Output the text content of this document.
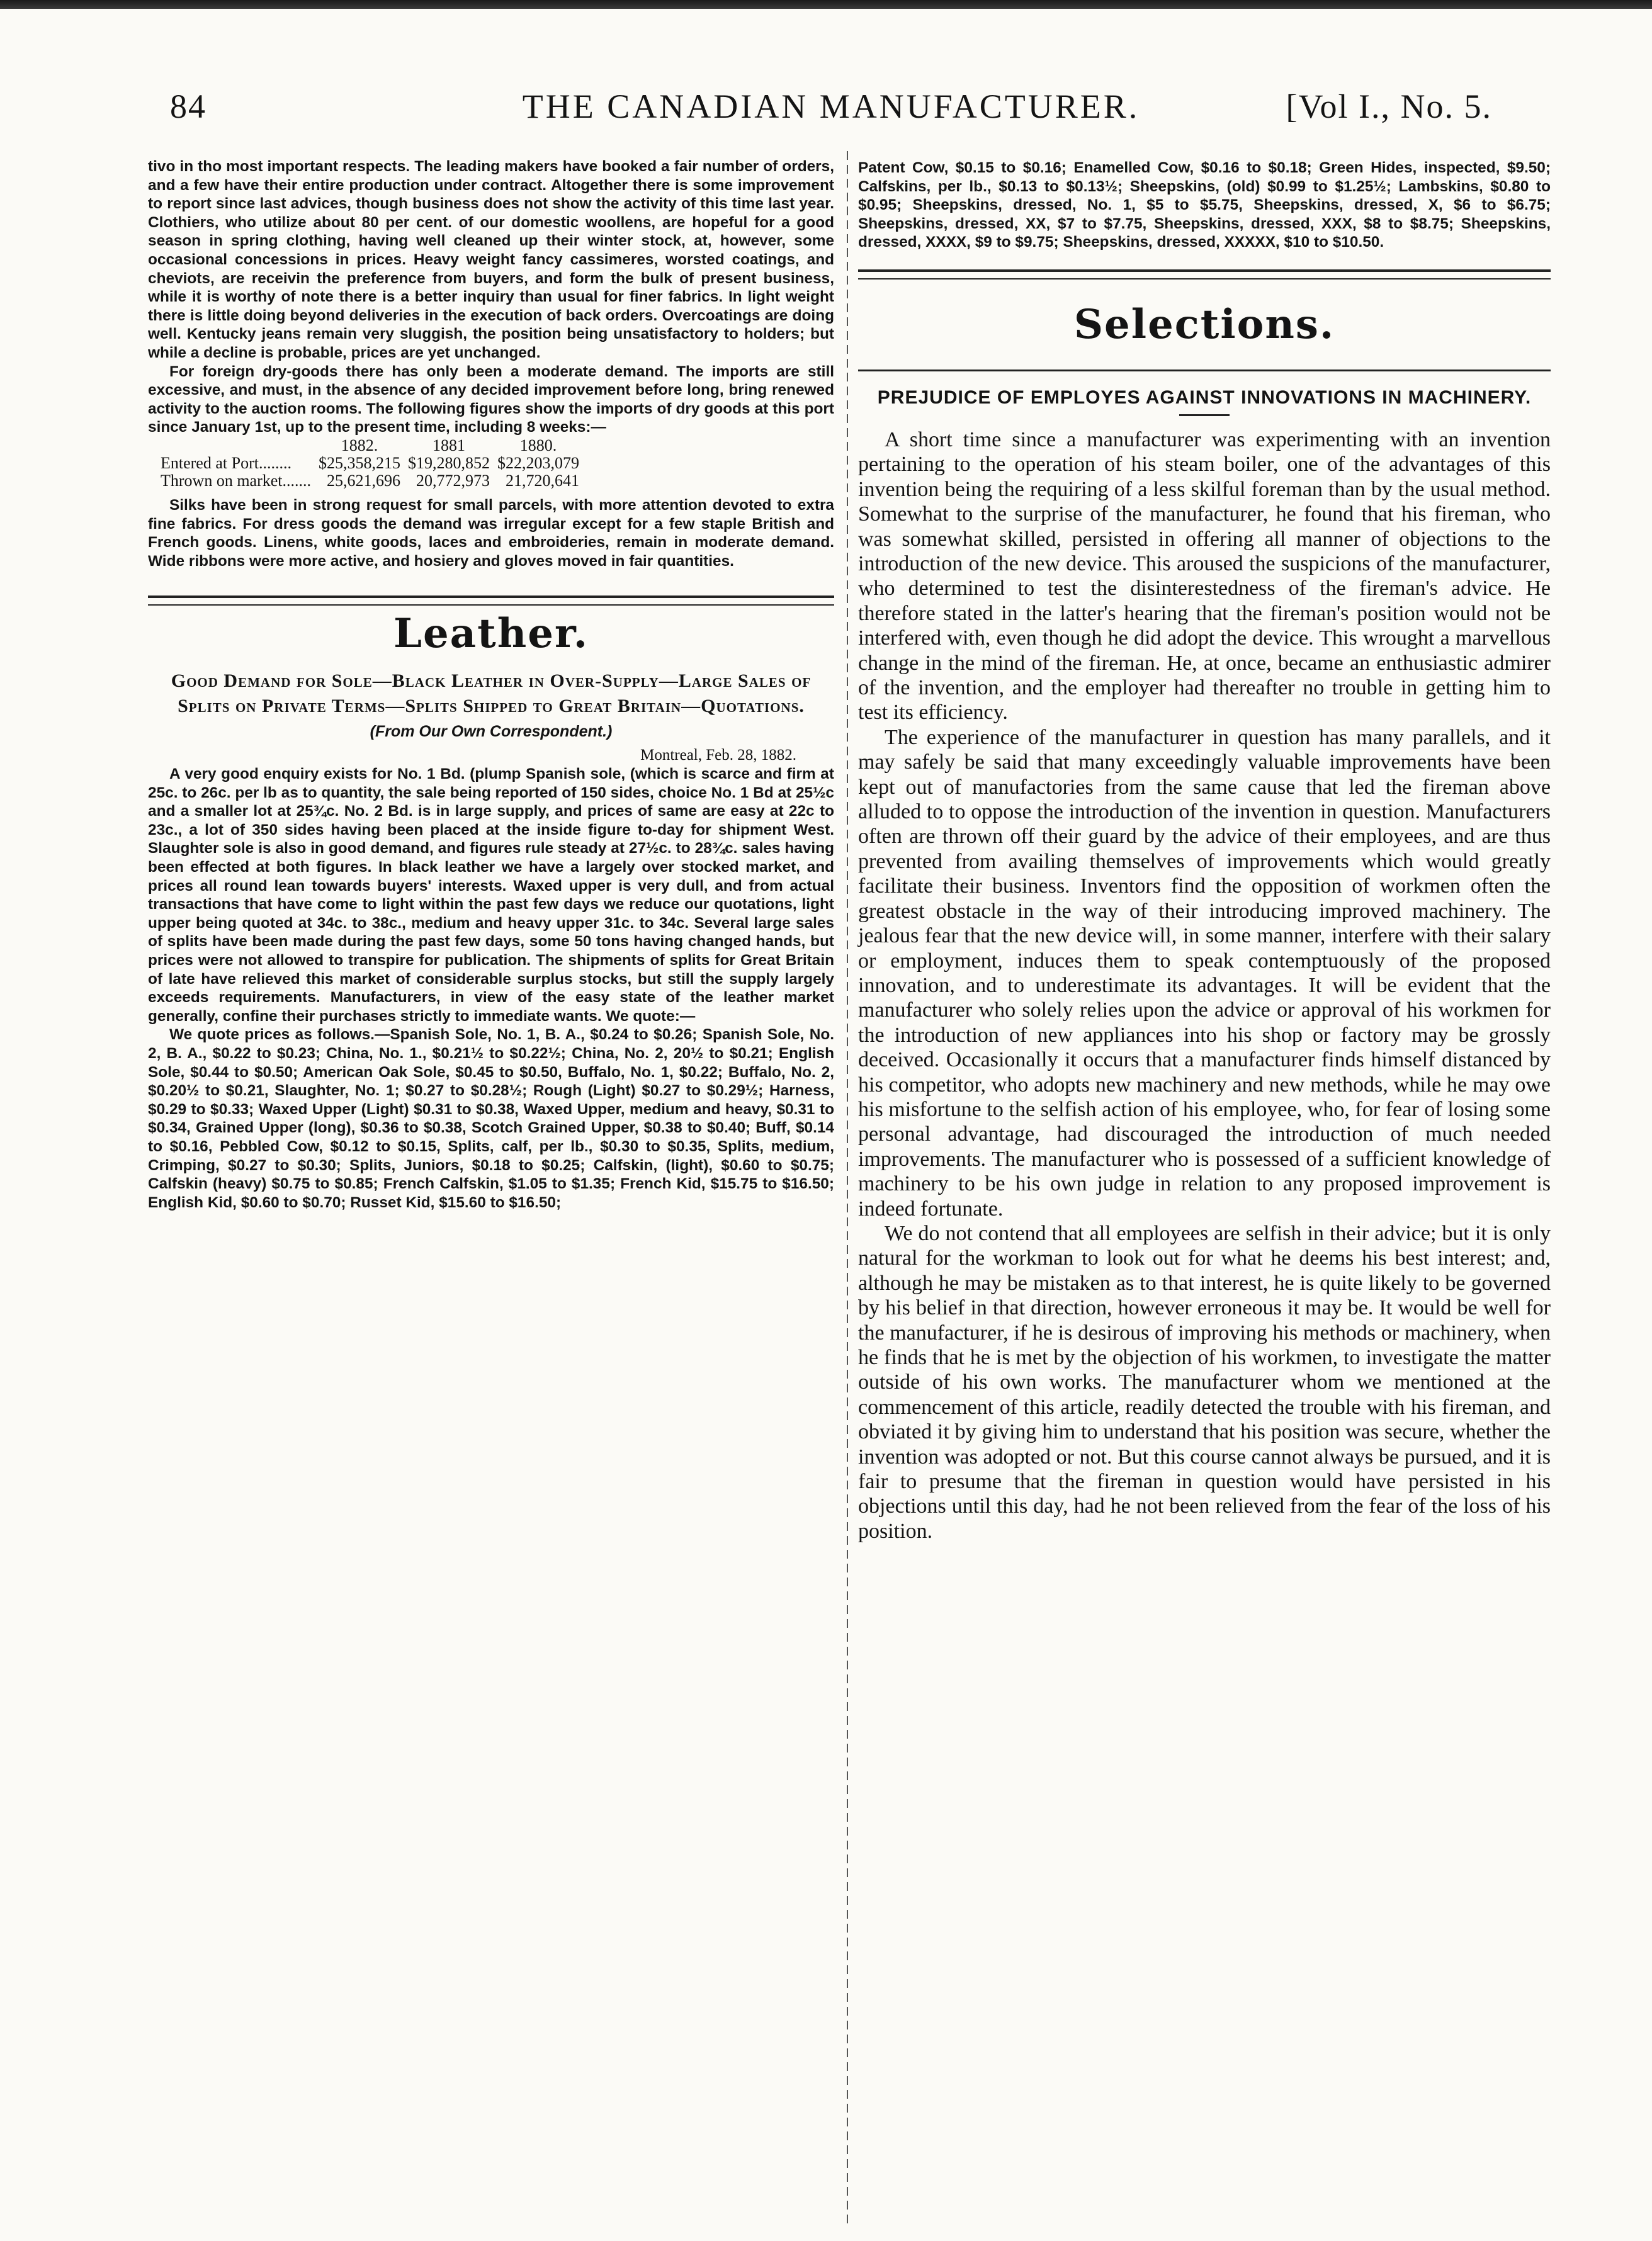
84	THE CANADIAN MANUFACTURER.	[Vol I., No. 5.

tivo in tho most important respects. The leading makers have booked a fair number of orders, and a few have their entire production under contract. Altogether there is some improvement to report since last advices, though business does not show the activity of this time last year. Clothiers, who utilize about 80 per cent. of our domestic woollens, are hopeful for a good season in spring clothing, having well cleaned up their winter stock, at, however, some occasional concessions in prices. Heavy weight fancy cassimeres, worsted coatings, and cheviots, are receivin the preference from buyers, and form the bulk of present business, while it is worthy of note there is a better inquiry than usual for finer fabrics. In light weight there is little doing beyond deliveries in the execution of back orders. Overcoatings are doing well. Kentucky jeans remain very sluggish, the position being unsatisfactory to holders; but while a decline is probable, prices are yet unchanged.

For foreign dry-goods there has only been a moderate demand. The imports are still excessive, and must, in the absence of any decided improvement before long, bring renewed activity to the auction rooms. The following figures show the imports of dry goods at this port since January 1st, up to the present time, including 8 weeks:—

	1882.	1881	1880.
Entered at Port........	$25,358,215	$19,280,852	$22,203,079
Thrown on market.......	25,621,696	20,772,973	21,720,641

Silks have been in strong request for small parcels, with more attention devoted to extra fine fabrics. For dress goods the demand was irregular except for a few staple British and French goods. Linens, white goods, laces and embroideries, remain in moderate demand. Wide ribbons were more active, and hosiery and gloves moved in fair quantities.

Leather.
Good Demand for Sole—Black Leather in Over-Supply—Large Sales of Splits on Private Terms—Splits Shipped to Great Britain—Quotations.
(From Our Own Correspondent.)
Montreal, Feb. 28, 1882.

A very good enquiry exists for No. 1 Bd. (plump Spanish sole, (which is scarce and firm at 25c. to 26c. per lb as to quantity, the sale being reported of 150 sides, choice No. 1 Bd at 25½c and a smaller lot at 25¾c. No. 2 Bd. is in large supply, and prices of same are easy at 22c to 23c., a lot of 350 sides having been placed at the inside figure to-day for shipment West. Slaughter sole is also in good demand, and figures rule steady at 27½c. to 28¾c. sales having been effected at both figures. In black leather we have a largely over stocked market, and prices all round lean towards buyers' interests. Waxed upper is very dull, and from actual transactions that have come to light within the past few days we reduce our quotations, light upper being quoted at 34c. to 38c., medium and heavy upper 31c. to 34c. Several large sales of splits have been made during the past few days, some 50 tons having changed hands, but prices were not allowed to transpire for publication. The shipments of splits for Great Britain of late have relieved this market of considerable surplus stocks, but still the supply largely exceeds requirements. Manufacturers, in view of the easy state of the leather market generally, confine their purchases strictly to immediate wants. We quote:—

We quote prices as follows.—Spanish Sole, No. 1, B. A., $0.24 to $0.26; Spanish Sole, No. 2, B. A., $0.22 to $0.23; China, No. 1., $0.21½ to $0.22½; China, No. 2, 20½ to $0.21; English Sole, $0.44 to $0.50; American Oak Sole, $0.45 to $0.50, Buffalo, No. 1, $0.22; Buffalo, No. 2, $0.20½ to $0.21, Slaughter, No. 1; $0.27 to $0.28½; Rough (Light) $0.27 to $0.29½; Harness, $0.29 to $0.33; Waxed Upper (Light) $0.31 to $0.38, Waxed Upper, medium and heavy, $0.31 to $0.34, Grained Upper (long), $0.36 to $0.38, Scotch Grained Upper, $0.38 to $0.40; Buff, $0.14 to $0.16, Pebbled Cow, $0.12 to $0.15, Splits, calf, per lb., $0.30 to $0.35, Splits, medium, Crimping, $0.27 to $0.30; Splits, Juniors, $0.18 to $0.25; Calfskin, (light), $0.60 to $0.75; Calfskin (heavy) $0.75 to $0.85; French Calfskin, $1.05 to $1.35; French Kid, $15.75 to $16.50; English Kid, $0.60 to $0.70; Russet Kid, $15.60 to $16.50;

Patent Cow, $0.15 to $0.16; Enamelled Cow, $0.16 to $0.18; Green Hides, inspected, $9.50; Calfskins, per lb., $0.13 to $0.13½; Sheepskins, (old) $0.99 to $1.25½; Lambskins, $0.80 to $0.95; Sheepskins, dressed, No. 1, $5 to $5.75, Sheepskins, dressed, X, $6 to $6.75; Sheepskins, dressed, XX, $7 to $7.75, Sheepskins, dressed, XXX, $8 to $8.75; Sheepskins, dressed, XXXX, $9 to $9.75; Sheepskins, dressed, XXXXX, $10 to $10.50.
Selections.
PREJUDICE OF EMPLOYES AGAINST INNOVATIONS IN MACHINERY.

A short time since a manufacturer was experimenting with an invention pertaining to the operation of his steam boiler, one of the advantages of this invention being the requiring of a less skilful foreman than by the usual method. Somewhat to the surprise of the manufacturer, he found that his fireman, who was somewhat skilled, persisted in offering all manner of objections to the introduction of the new device. This aroused the suspicions of the manufacturer, who determined to test the disinterestedness of the fireman's advice. He therefore stated in the latter's hearing that the fireman's position would not be interfered with, even though he did adopt the device. This wrought a marvellous change in the mind of the fireman. He, at once, became an enthusiastic admirer of the invention, and the employer had thereafter no trouble in getting him to test its efficiency.

The experience of the manufacturer in question has many parallels, and it may safely be said that many exceedingly valuable improvements have been kept out of manufactories from the same cause that led the fireman above alluded to to oppose the introduction of the invention in question. Manufacturers often are thrown off their guard by the advice of their employees, and are thus prevented from availing themselves of improvements which would greatly facilitate their business. Inventors find the opposition of workmen often the greatest obstacle in the way of their introducing improved machinery. The jealous fear that the new device will, in some manner, interfere with their salary or employment, induces them to speak contemptuously of the proposed innovation, and to underestimate its advantages. It will be evident that the manufacturer who solely relies upon the advice or approval of his workmen for the introduction of new appliances into his shop or factory may be grossly deceived. Occasionally it occurs that a manufacturer finds himself distanced by his competitor, who adopts new machinery and new methods, while he may owe his misfortune to the selfish action of his employee, who, for fear of losing some personal advantage, had discouraged the introduction of much needed improvements. The manufacturer who is possessed of a sufficient knowledge of machinery to be his own judge in relation to any proposed improvement is indeed fortunate.

We do not contend that all employees are selfish in their advice; but it is only natural for the workman to look out for what he deems his best interest; and, although he may be mistaken as to that interest, he is quite likely to be governed by his belief in that direction, however erroneous it may be. It would be well for the manufacturer, if he is desirous of improving his methods or machinery, when he finds that he is met by the objection of his workmen, to investigate the matter outside of his own works. The manufacturer whom we mentioned at the commencement of this article, readily detected the trouble with his fireman, and obviated it by giving him to understand that his position was secure, whether the invention was adopted or not. But this course cannot always be pursued, and it is fair to presume that the fireman in question would have persisted in his objections until this day, had he not been relieved from the fear of the loss of his position.
